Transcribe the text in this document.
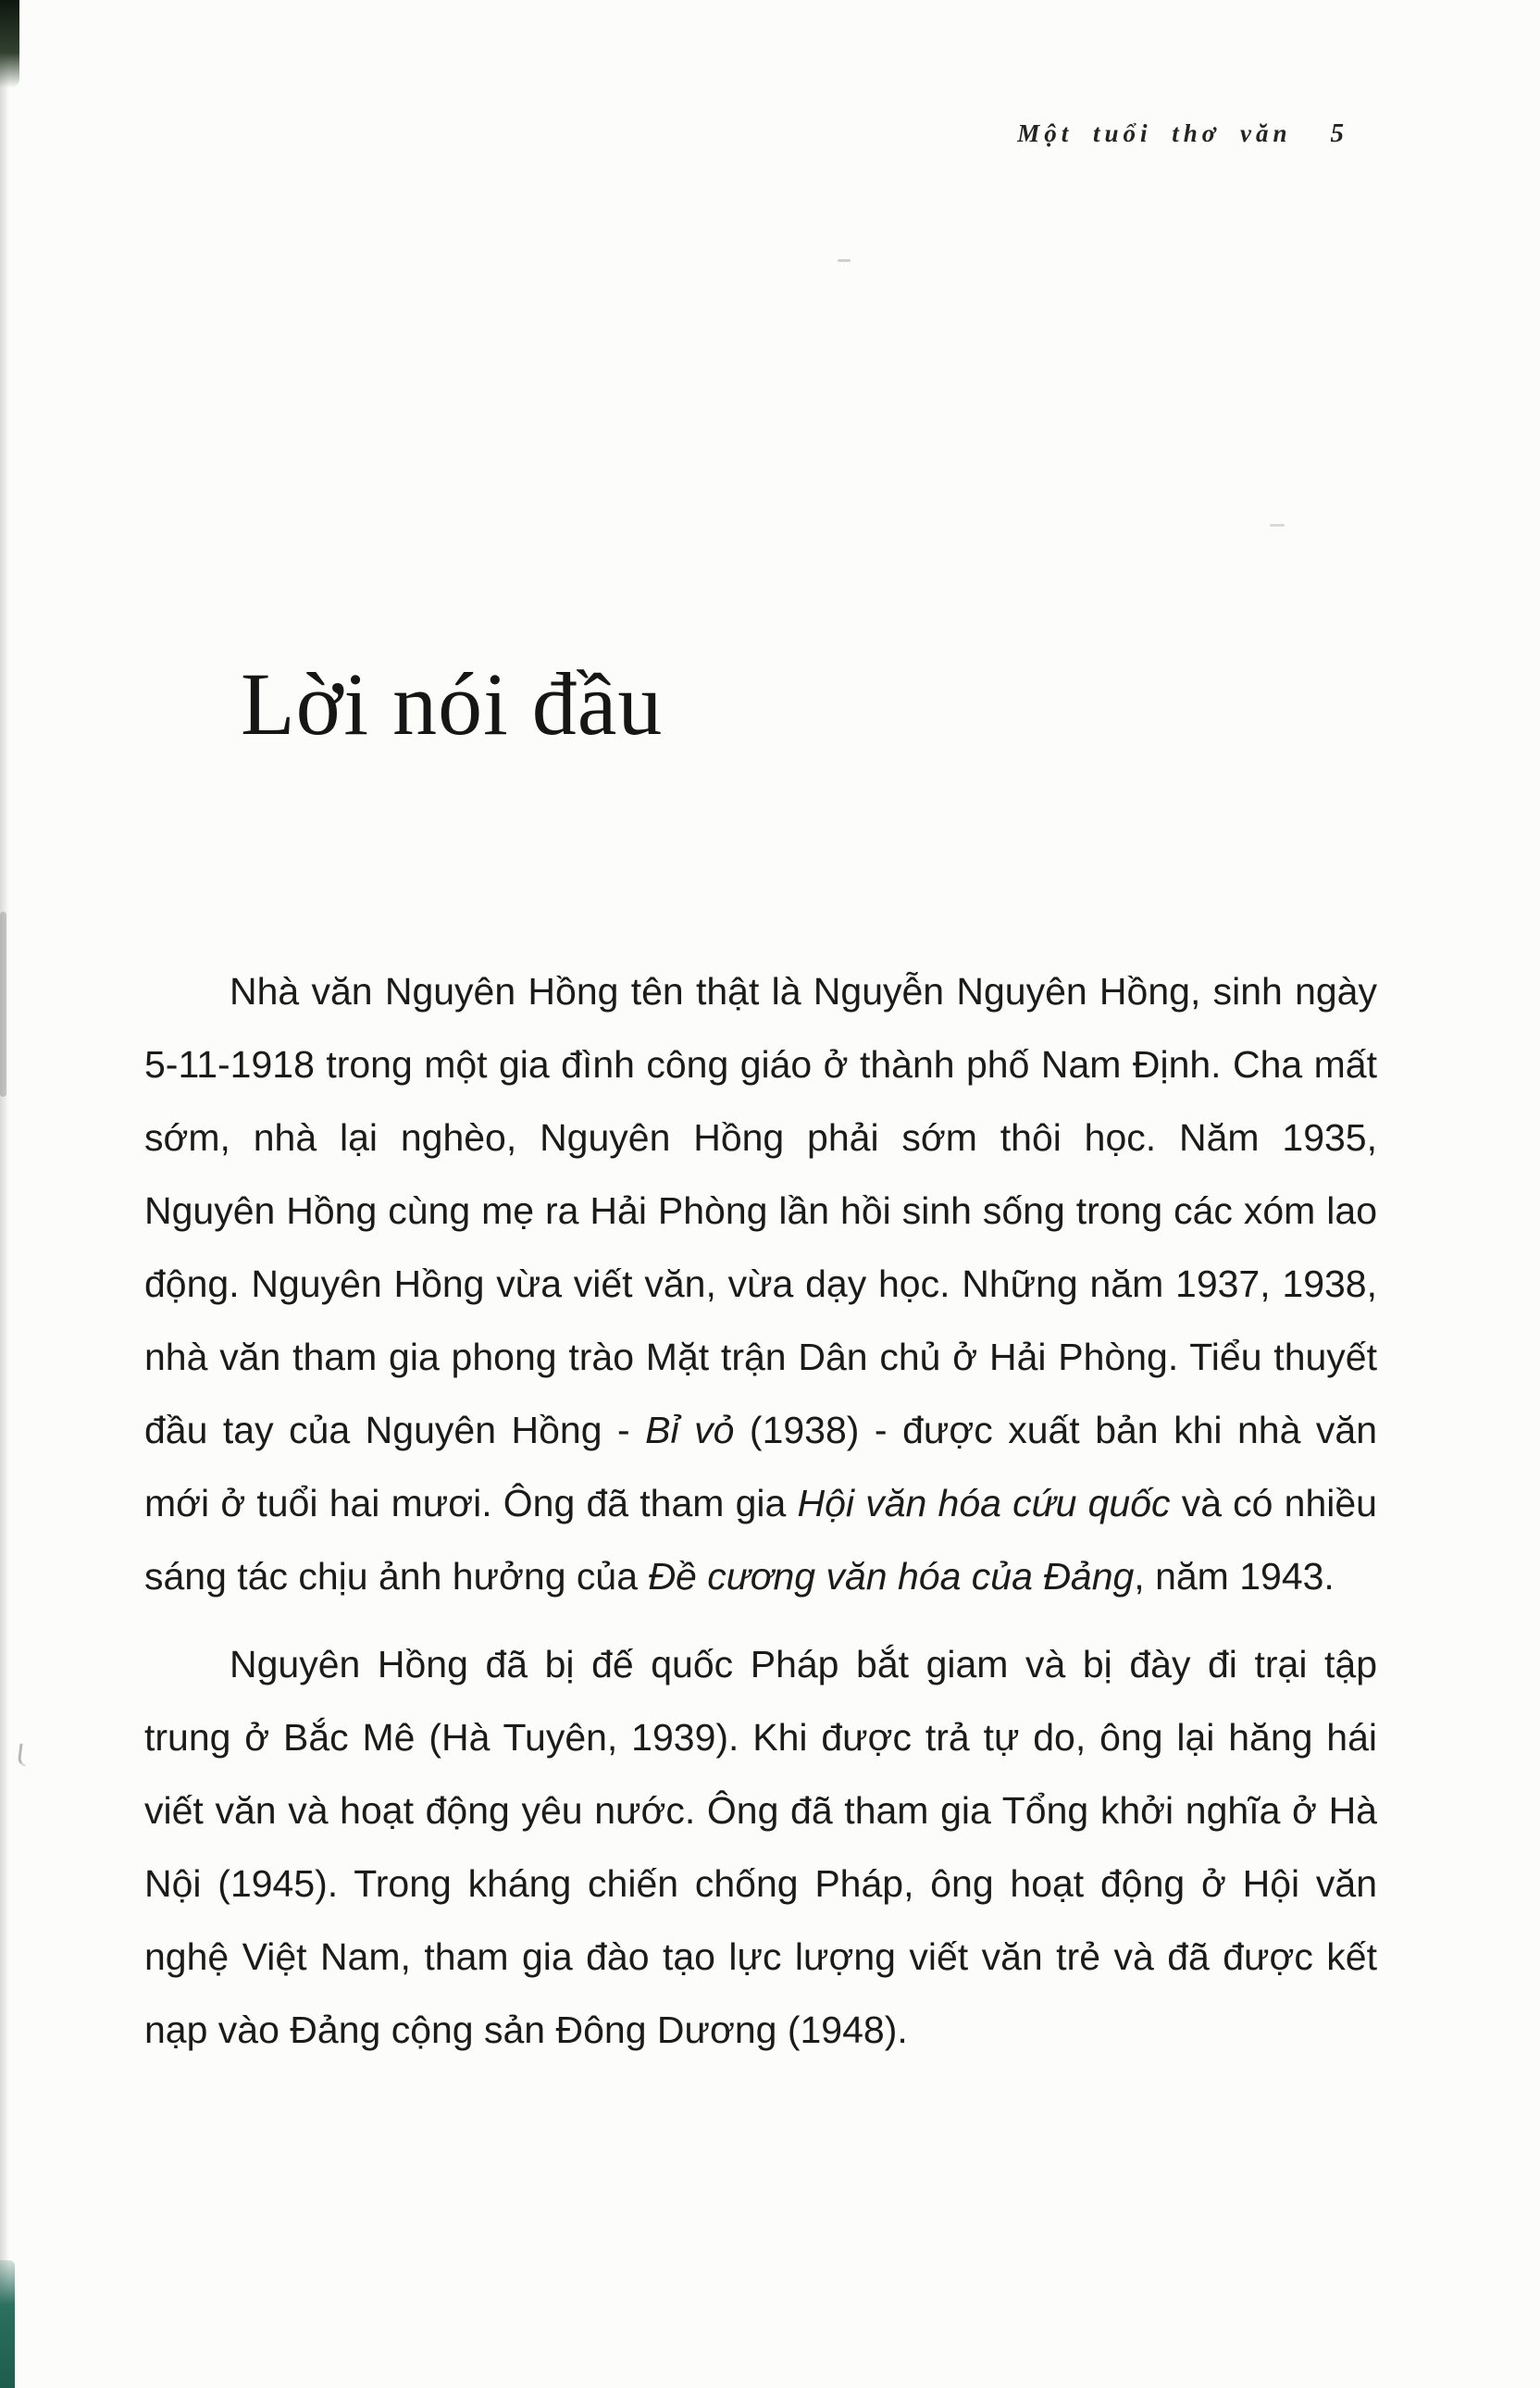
Một tuổi thơ văn 5
Lời nói đầu

Nhà văn Nguyên Hồng tên thật là Nguyễn Nguyên Hồng, sinh ngày 5-11-1918 trong một gia đình công giáo ở thành phố Nam Định. Cha mất sớm, nhà lại nghèo, Nguyên Hồng phải sớm thôi học. Năm 1935, Nguyên Hồng cùng mẹ ra Hải Phòng lần hồi sinh sống trong các xóm lao động. Nguyên Hồng vừa viết văn, vừa dạy học. Những năm 1937, 1938, nhà văn tham gia phong trào Mặt trận Dân chủ ở Hải Phòng. Tiểu thuyết đầu tay của Nguyên Hồng - Bỉ vỏ (1938) - được xuất bản khi nhà văn mới ở tuổi hai mươi. Ông đã tham gia Hội văn hóa cứu quốc và có nhiều sáng tác chịu ảnh hưởng của Đề cương văn hóa của Đảng, năm 1943.

Nguyên Hồng đã bị đế quốc Pháp bắt giam và bị đày đi trại tập trung ở Bắc Mê (Hà Tuyên, 1939). Khi được trả tự do, ông lại hăng hái viết văn và hoạt động yêu nước. Ông đã tham gia Tổng khởi nghĩa ở Hà Nội (1945). Trong kháng chiến chống Pháp, ông hoạt động ở Hội văn nghệ Việt Nam, tham gia đào tạo lực lượng viết văn trẻ và đã được kết nạp vào Đảng cộng sản Đông Dương (1948).
